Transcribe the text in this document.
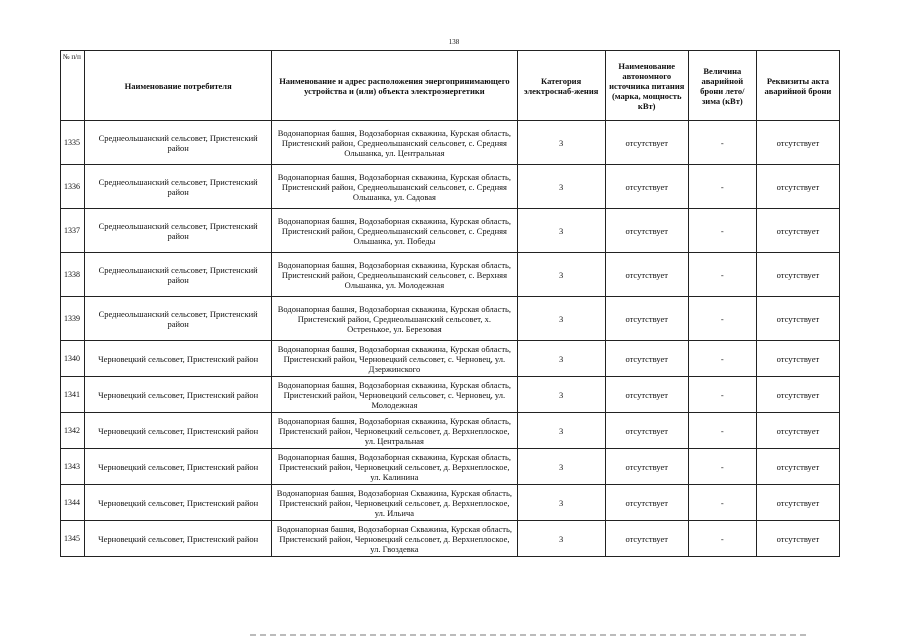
138
№ п/п	Наименование потребителя	Наименование и адрес расположения энергопринимающего устройства и (или) объекта электроэнергетики	Категория электроснаб-жения	Наименование автономного источника питания (марка, мощность кВт)	Величина аварийной брони лето/зима (кВт)	Реквизиты акта аварийной брони
1335	Среднеольшанский сельсовет, Пристенский район	Водонапорная башня, Водозаборная скважина, Курская область, Пристенский район, Среднеольшанский сельсовет, с. Средняя Ольшанка, ул. Центральная	3	отсутствует	-	отсутствует
1336	Среднеольшанский сельсовет, Пристенский район	Водонапорная башня, Водозаборная скважина, Курская область, Пристенский район, Среднеольшанский сельсовет, с. Средняя Ольшанка, ул. Садовая	3	отсутствует	-	отсутствует
1337	Среднеольшанский сельсовет, Пристенский район	Водонапорная башня, Водозаборная скважина, Курская область, Пристенский район, Среднеольшанский сельсовет, с. Средняя Ольшанка, ул. Победы	3	отсутствует	-	отсутствует
1338	Среднеольшанский сельсовет, Пристенский район	Водонапорная башня, Водозаборная скважина, Курская область, Пристенский район, Среднеольшанский сельсовет, с. Верхняя Ольшанка, ул. Молодежная	3	отсутствует	-	отсутствует
1339	Среднеольшанский сельсовет, Пристенский район	Водонапорная башня, Водозаборная скважина, Курская область, Пристенский район, Среднеольшанский сельсовет, х. Остренькое, ул. Березовая	3	отсутствует	-	отсутствует
1340	Черновецкий сельсовет, Пристенский район	Водонапорная башня, Водозаборная скважина, Курская область, Пристенский район, Черновецкий сельсовет, с. Черновец, ул. Дзержинского	3	отсутствует	-	отсутствует
1341	Черновецкий сельсовет, Пристенский район	Водонапорная башня, Водозаборная скважина, Курская область, Пристенский район, Черновецкий сельсовет, с. Черновец, ул. Молодежная	3	отсутствует	-	отсутствует
1342	Черновецкий сельсовет, Пристенский район	Водонапорная башня, Водозаборная скважина, Курская область, Пристенский район, Черновецкий сельсовет, д. Верхнеплоское, ул. Центральная	3	отсутствует	-	отсутствует
1343	Черновецкий сельсовет, Пристенский район	Водонапорная башня, Водозаборная скважина, Курская область, Пристенский район, Черновецкий сельсовет, д. Верхнеплоское, ул. Калинина	3	отсутствует	-	отсутствует
1344	Черновецкий сельсовет, Пристенский район	Водонапорная башня, Водозаборная Скважина, Курская область, Пристенский район, Черновецкий сельсовет, д. Верхнеплоское, ул. Ильича	3	отсутствует	-	отсутствует
1345	Черновецкий сельсовет, Пристенский район	Водонапорная башня, Водозаборная Скважина, Курская область, Пристенский район, Черновецкий сельсовет, д. Верхнеплоское, ул. Гвоздевка	3	отсутствует	-	отсутствует
